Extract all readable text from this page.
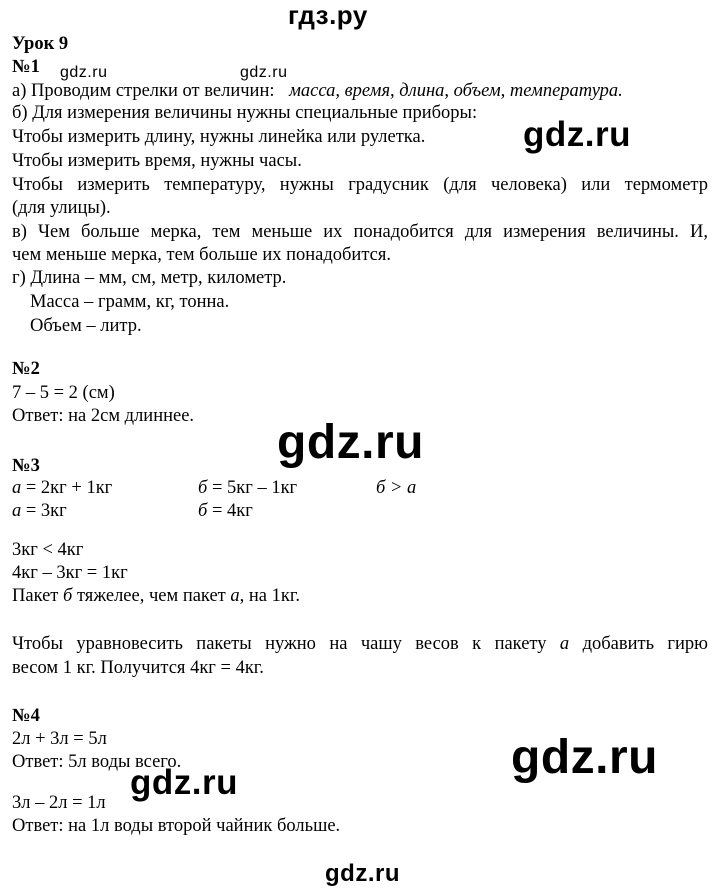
гдз.ру
Урок 9
№1
а) Проводим стрелки от величин: масса, время, длина, объем, температура.
б) Для измерения величины нужны специальные приборы:
Чтобы измерить длину, нужны линейка или рулетка.
Чтобы измерить время, нужны часы.
Чтобы измерить температуру, нужны градусник (для человека) или термометр
(для улицы).
в) Чем больше мерка, тем меньше их понадобится для измерения величины. И,
чем меньше мерка, тем больше их понадобится.
г) Длина – мм, см, метр, километр.
Масса – грамм, кг, тонна.
Объем – литр.
№2
7 – 5 = 2 (см)
Ответ: на 2см длиннее.
№3
а = 2кг + 1кг	б = 5кг – 1кг	б > а
а = 3кг	б = 4кг
3кг < 4кг
4кг – 3кг = 1кг
Пакет б тяжелее, чем пакет а, на 1кг.
Чтобы уравновесить пакеты нужно на чашу весов к пакету а добавить гирю
весом 1 кг. Получится 4кг = 4кг.
№4
2л + 3л = 5л
Ответ: 5л воды всего.
3л – 2л = 1л
Ответ: на 1л воды второй чайник больше.
gdz.ru	gdz.ru
gdz.ru
gdz.ru
gdz.ru
gdz.ru
gdz.ru
